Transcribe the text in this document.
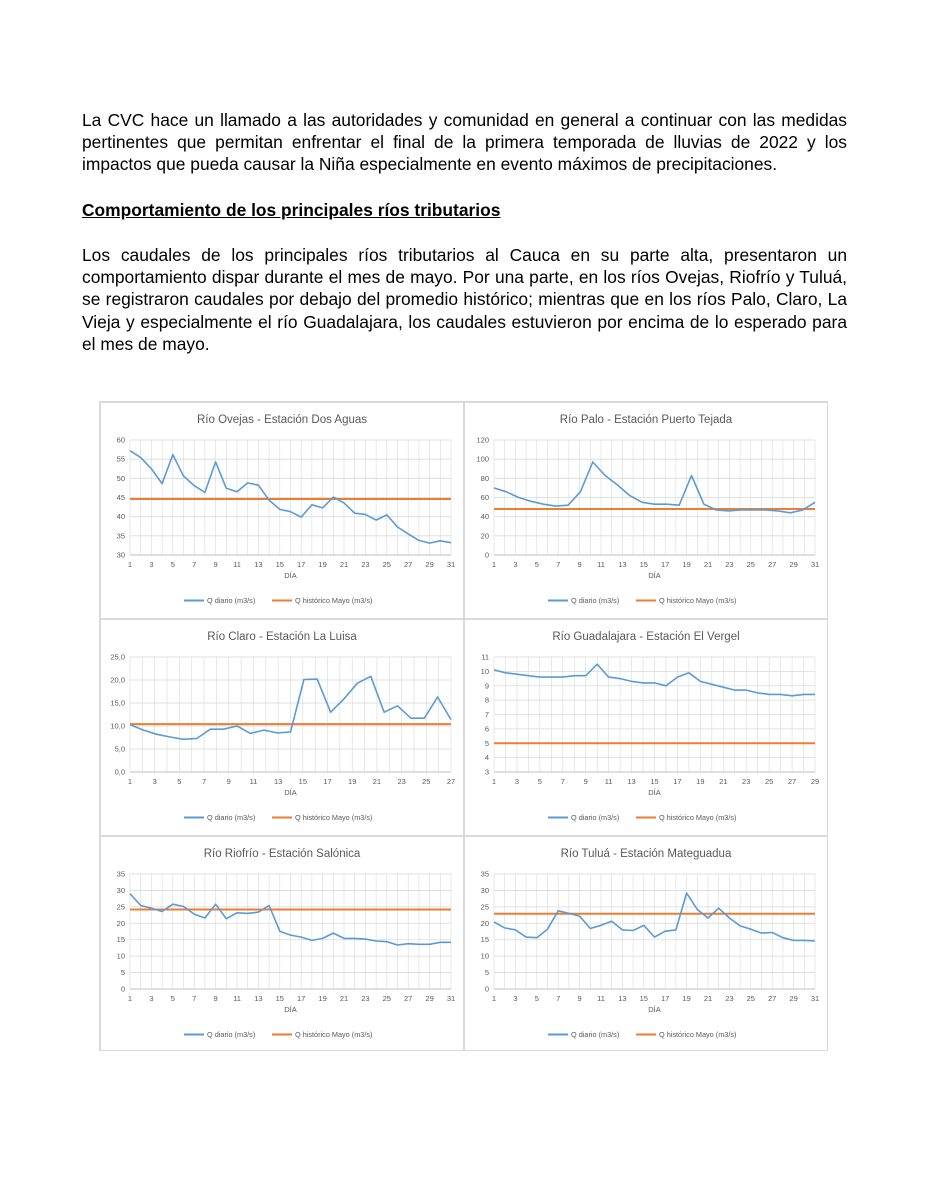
La CVC hace un llamado a las autoridades y comunidad en general a continuar con las medidas pertinentes que permitan enfrentar el final de la primera temporada de lluvias de 2022 y los impactos que pueda causar la Niña especialmente en evento máximos de precipitaciones.

Comportamiento de los principales ríos tributarios

Los caudales de los principales ríos tributarios al Cauca en su parte alta, presentaron un comportamiento dispar durante el mes de mayo. Por una parte, en los ríos Ovejas, Riofrío y Tuluá, se registraron caudales por debajo del promedio histórico; mientras que en los ríos Palo, Claro, La Vieja y especialmente el río Guadalajara, los caudales estuvieron por encima de lo esperado para el mes de mayo.

Río Ovejas - Estación Dos Aguas
30
35
40
45
50
55
60
1 3 5 7 9 11 13 15 17 19 21 23 25 27 29 31
DÍA
Q diario (m3/s)	Q histórico Mayo (m3/s)
Río Palo - Estación Puerto Tejada
0
20
40
60
80
100
120
1 3 5 7 9 11 13 15 17 19 21 23 25 27 29 31
DÍA
Q diario (m3/s)	Q histórico Mayo (m3/s)
Río Claro - Estación La Luisa
0,0
5,0
10,0
15,0
20,0
25,0
1	3	5	7	9 11 13 15 17 19 21 23 25 27
DÍA
Q diario (m3/s)	Q histórico Mayo (m3/s)
Río Guadalajara - Estación El Vergel
3
4
5
6
7
8
9
10
11
1	3	5	7	9 11 13 15 17 19 21 23 25 27 29
DÍA
Q diario (m3/s)	Q histórico Mayo (m3/s)
Río Riofrío - Estación Salónica
0
5
10
15
20
25
30
35
1 3 5 7 9 11 13 15 17 19 21 23 25 27 29 31
DÍA
Q diario (m3/s)	Q histórico Mayo (m3/s)
Río Tuluá - Estación Mateguadua
0
5
10
15
20
25
30
35
1 3 5 7 9 11 13 15 17 19 21 23 25 27 29 31
DÍA
Q diario (m3/s)	Q histórico Mayo (m3/s)
